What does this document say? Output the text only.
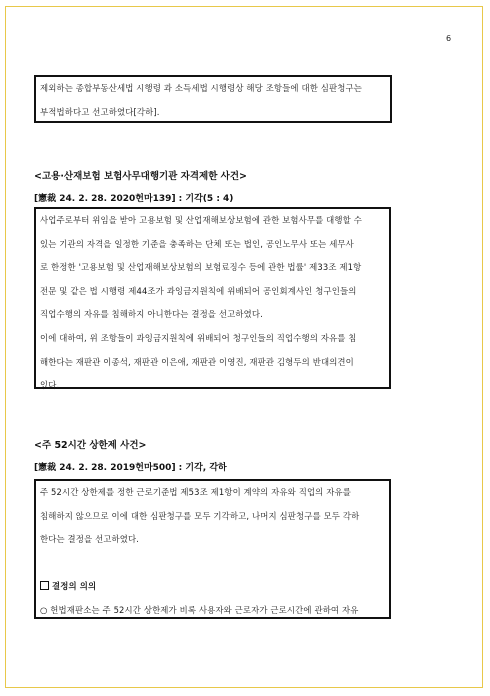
6
제외하는 종합부동산세법 시행령 과 소득세법 시행령상 해당 조항들에 대한 심판청구는
부적법하다고 선고하였다[각하].
<고용·산재보험 보험사무대행기관 자격제한 사건>
[憲裁 24. 2. 28. 2020헌마139] : 기각(5 : 4)
사업주로부터 위임을 받아 고용보험 및 산업재해보상보험에 관한 보험사무를 대행할 수
있는 기관의 자격을 일정한 기준을 충족하는 단체 또는 법인, 공인노무사 또는 세무사
로 한정한 '고용보험 및 산업재해보상보험의 보험료징수 등에 관한 법률' 제33조 제1항
전문 및 같은 법 시행령 제44조가 과잉금지원칙에 위배되어 공인회계사인 청구인들의
직업수행의 자유를 침해하지 아니한다는 결정을 선고하였다.
이에 대하여, 위 조항들이 과잉금지원칙에 위배되어 청구인들의 직업수행의 자유를 침
해한다는 재판관 이종석, 재판관 이은애, 재판관 이영진, 재판관 김형두의 반대의견이
있다.
<주 52시간 상한제 사건>
[憲裁 24. 2. 28. 2019헌마500] : 기각, 각하
주 52시간 상한제를 정한 근로기준법 제53조 제1항이 계약의 자유와 직업의 자유를
침해하지 않으므로 이에 대한 심판청구를 모두 기각하고, 나머지 심판청구를 모두 각하
한다는 결정을 선고하였다.

결정의 의의
○ 헌법재판소는 주 52시간 상한제가 비록 사용자와 근로자가 근로시간에 관하여 자유
